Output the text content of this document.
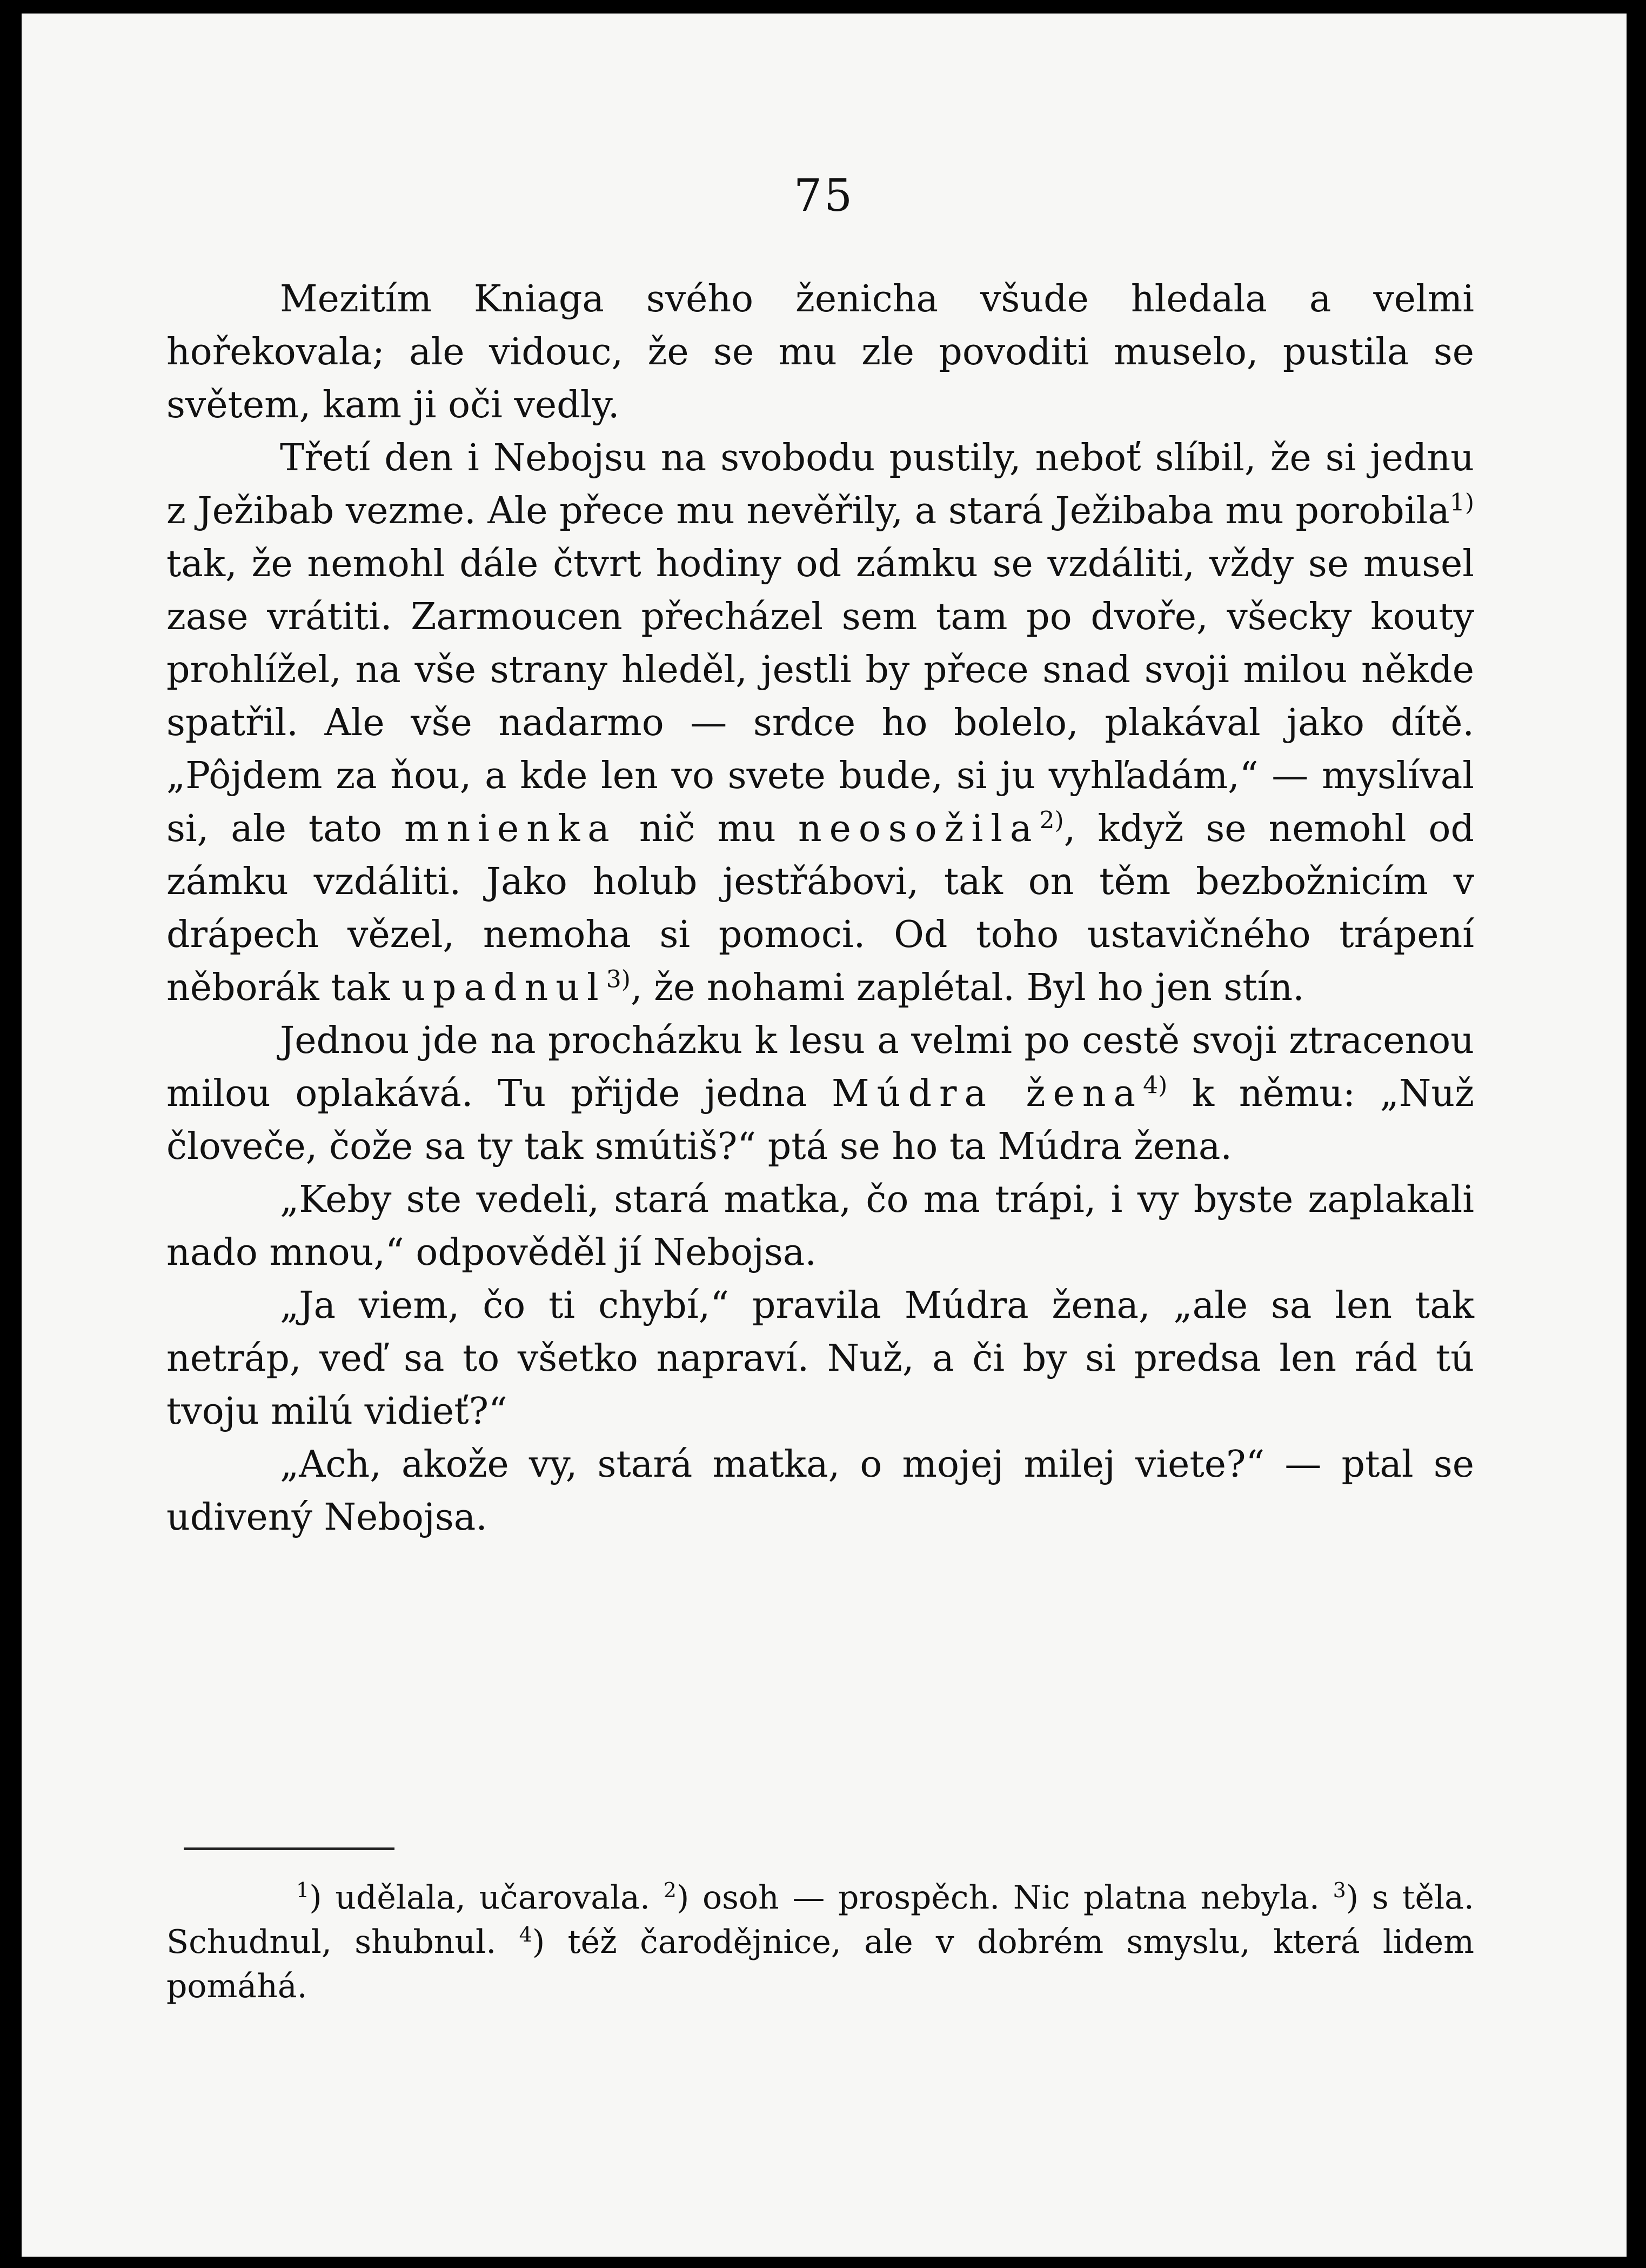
75

Mezitím Kniaga svého ženicha všude hledala a velmi hořekovala; ale vidouc, že se mu zle povoditi muselo, pustila se světem, kam ji oči vedly.

Třetí den i Nebojsu na svobodu pustily, neboť slíbil, že si jednu z Ježibab vezme. Ale přece mu nevěřily, a stará Ježibaba mu porobila$^{1)}$ tak, že nemohl dále čtvrt hodiny od zámku se vzdáliti, vždy se musel zase vrátiti. Zarmoucen přecházel sem tam po dvoře, všecky kouty prohlížel, na vše strany hleděl, jestli by přece snad svoji milou někde spatřil. Ale vše nadarmo — srdce ho bolelo, plakával jako dítě. „Pôjdem za ňou, a kde len vo svete bude, si ju vyhľadám,“ — myslíval si, ale tato mnienka nič mu neosožila$^{2)}$, když se nemohl od zámku vzdáliti. Jako holub jestřábovi, tak on těm bezbožnicím v drápech vězel, nemoha si pomoci. Od toho ustavičného trápení něborák tak upadnul$^{3)}$, že nohami zaplétal. Byl ho jen stín.

Jednou jde na procházku k lesu a velmi po cestě svoji ztracenou milou oplakává. Tu přijde jedna Múdra žena$^{4)}$ k němu: „Nuž človeče, čože sa ty tak smútiš?“ ptá se ho ta Múdra žena.

„Keby ste vedeli, stará matka, čo ma trápi, i vy byste zaplakali nado mnou,“ odpověděl jí Nebojsa.

„Ja viem, čo ti chybí,“ pravila Múdra žena, „ale sa len tak netráp, veď sa to všetko napraví. Nuž, a či by si predsa len rád tú tvoju milú vidieť?“

„Ach, akože vy, stará matka, o mojej milej viete?“ — ptal se udivený Nebojsa.

$^1$) udělala, učarovala. $^2$) osoh — prospěch. Nic platna nebyla. $^3$) s těla. Schudnul, shubnul. $^4$) též čarodějnice, ale v dobrém smyslu, která lidem pomáhá.
